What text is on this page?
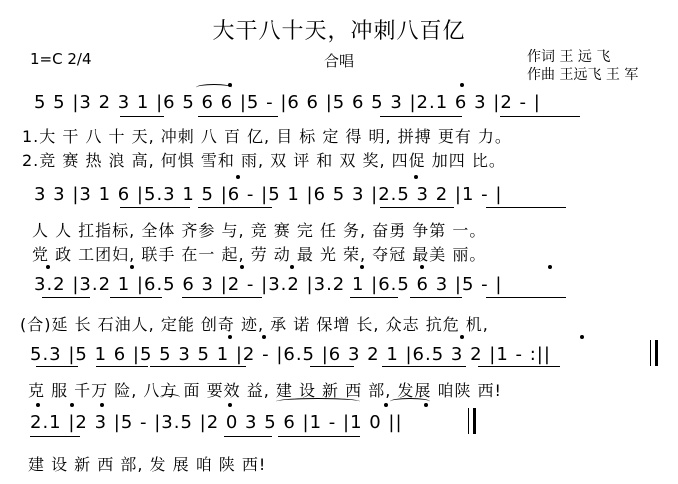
大干八十天，冲刺八百亿
1=C 2/4	合唱	作词 王 远 飞
作曲 王远飞 王 军
5 5 |3 2 3 1 |6 5 6 6 |5 - |6 6 |5 6 5 3 |2.1 6 3 |2 - |
1.大 干 八 十 天, 冲刺 八 百 亿, 目 标 定 得 明, 拼搏 更有 力。
2.竞 赛 热 浪 高, 何惧 雪和 雨, 双 评 和 双 奖, 四促 加四 比。
3 3 |3 1 6 |5.3 1 5 |6 - |5 1 |6 5 3 |2.5 3 2 |1 - |
人 人 扛指标, 全体 齐参 与, 竞 赛 完 任 务, 奋勇 争第 一。
党 政 工团妇, 联手 在一 起, 劳 动 最 光 荣, 夺冠 最美 丽。
3.2 |3.2 1 |6.5 6 3 |2 - |3.2 |3.2 1 |6.5 6 3 |5 - |
(合)延 长 石油人, 定能 创奇 迹, 承 诺 保增 长, 众志 抗危 机,
5.3 |5 1 6 |5 5 3 5 1 |2 - |6.5 |6 3 2 1 |6.5 3 2 |1 - :||
克 服 千万 险, 八方 面 要效 益, 建 设 新 西 部, 发展 咱陕 西!
2.1 |2 3 |5 - |3.5 |2 0 3 5 6 |1 - |1 0 ||
建 设 新 西 部, 发 展 咱 陕 西!
